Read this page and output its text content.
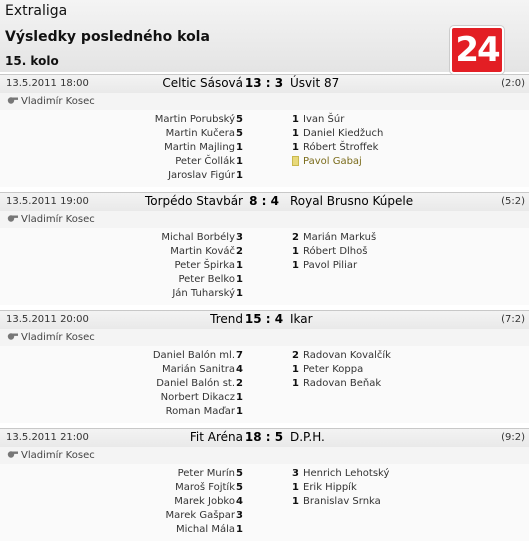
Extraliga
Výsledky posledného kola
15. kolo	24
13.5.2011 18:00	Celtic Sásová 13 : 3 Úsvit 87	(2:0)
Vladimír Kosec
Martin Porubský 5	1 Ivan Šúr
Martin Kučera 5	1 Daniel Kiedžuch
Martin Majling 1	1 Róbert Štroffek
Peter Čollák 1	Pavol Gabaj
Jaroslav Figúr 1
13.5.2011 19:00	Torpédo Stavbár 8 : 4 Royal Brusno Kúpele	(5:2)
Vladimír Kosec
Michal Borbély 3	2 Marián Markuš
Martin Kováč 2	1 Róbert Dlhoš
Peter Špirka 1	1 Pavol Piliar
Peter Belko 1
Ján Tuharský 1
13.5.2011 20:00	Trend 15 : 4 Ikar	(7:2)
Vladimír Kosec
Daniel Balón ml. 7	2 Radovan Kovalčík
Marián Sanitra 4	1 Peter Koppa
Daniel Balón st. 2	1 Radovan Beňak
Norbert Dikacz 1
Roman Maďar 1
13.5.2011 21:00	Fit Aréna 18 : 5 D.P.H.	(9:2)
Vladimír Kosec
Peter Murín 5	3 Henrich Lehotský
Maroš Fojtík 5	1 Erik Hippík
Marek Jobko 4	1 Branislav Srnka
Marek Gašpar 3
Michal Mála 1
